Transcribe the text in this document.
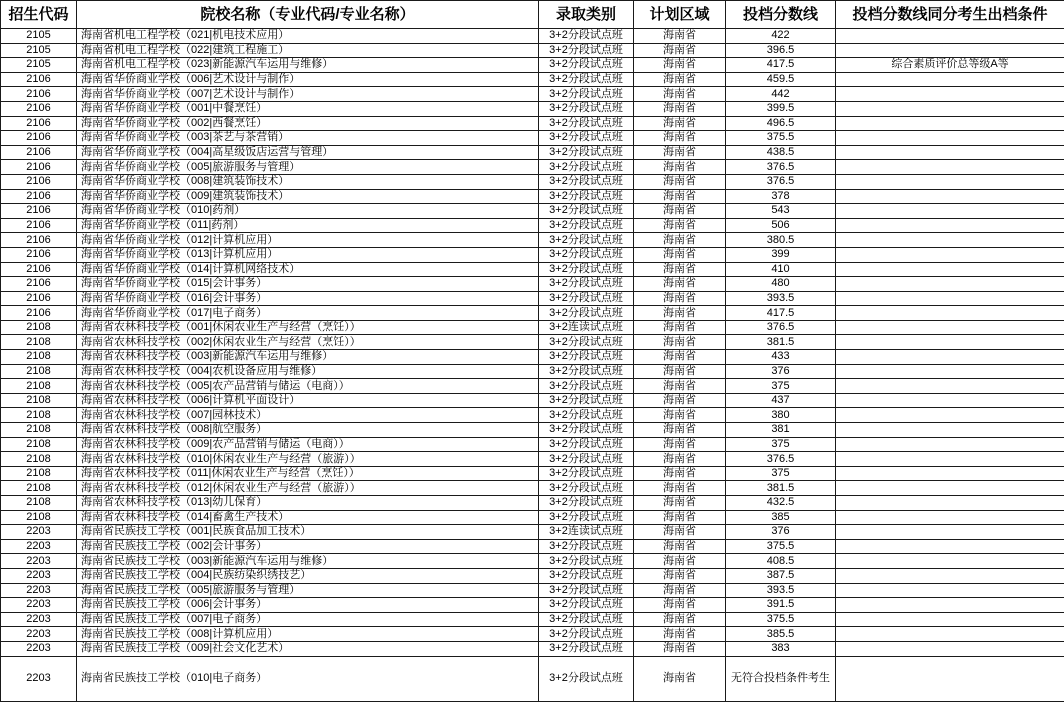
招生代码	院校名称（专业代码/专业名称）	录取类别	计划区域	投档分数线	投档分数线同分考生出档条件
2105	海南省机电工程学校（021|机电技术应用）	3+2分段试点班	海南省	422	
2105	海南省机电工程学校（022|建筑工程施工）	3+2分段试点班	海南省	396.5	
2105	海南省机电工程学校（023|新能源汽车运用与维修）	3+2分段试点班	海南省	417.5	综合素质评价总等级A等
2106	海南省华侨商业学校（006|艺术设计与制作）	3+2分段试点班	海南省	459.5	
2106	海南省华侨商业学校（007|艺术设计与制作）	3+2分段试点班	海南省	442	
2106	海南省华侨商业学校（001|中餐烹饪）	3+2分段试点班	海南省	399.5	
2106	海南省华侨商业学校（002|西餐烹饪）	3+2分段试点班	海南省	496.5	
2106	海南省华侨商业学校（003|茶艺与茶营销）	3+2分段试点班	海南省	375.5	
2106	海南省华侨商业学校（004|高星级饭店运营与管理）	3+2分段试点班	海南省	438.5	
2106	海南省华侨商业学校（005|旅游服务与管理）	3+2分段试点班	海南省	376.5	
2106	海南省华侨商业学校（008|建筑装饰技术）	3+2分段试点班	海南省	376.5	
2106	海南省华侨商业学校（009|建筑装饰技术）	3+2分段试点班	海南省	378	
2106	海南省华侨商业学校（010|药剂）	3+2分段试点班	海南省	543	
2106	海南省华侨商业学校（011|药剂）	3+2分段试点班	海南省	506	
2106	海南省华侨商业学校（012|计算机应用）	3+2分段试点班	海南省	380.5	
2106	海南省华侨商业学校（013|计算机应用）	3+2分段试点班	海南省	399	
2106	海南省华侨商业学校（014|计算机网络技术）	3+2分段试点班	海南省	410	
2106	海南省华侨商业学校（015|会计事务）	3+2分段试点班	海南省	480	
2106	海南省华侨商业学校（016|会计事务）	3+2分段试点班	海南省	393.5	
2106	海南省华侨商业学校（017|电子商务）	3+2分段试点班	海南省	417.5	
2108	海南省农林科技学校（001|休闲农业生产与经营（烹饪））	3+2连读试点班	海南省	376.5	
2108	海南省农林科技学校（002|休闲农业生产与经营（烹饪））	3+2分段试点班	海南省	381.5	
2108	海南省农林科技学校（003|新能源汽车运用与维修）	3+2分段试点班	海南省	433	
2108	海南省农林科技学校（004|农机设备应用与维修）	3+2分段试点班	海南省	376	
2108	海南省农林科技学校（005|农产品营销与储运（电商））	3+2分段试点班	海南省	375	
2108	海南省农林科技学校（006|计算机平面设计）	3+2分段试点班	海南省	437	
2108	海南省农林科技学校（007|园林技术）	3+2分段试点班	海南省	380	
2108	海南省农林科技学校（008|航空服务）	3+2分段试点班	海南省	381	
2108	海南省农林科技学校（009|农产品营销与储运（电商））	3+2分段试点班	海南省	375	
2108	海南省农林科技学校（010|休闲农业生产与经营（旅游））	3+2分段试点班	海南省	376.5	
2108	海南省农林科技学校（011|休闲农业生产与经营（烹饪））	3+2分段试点班	海南省	375	
2108	海南省农林科技学校（012|休闲农业生产与经营（旅游））	3+2分段试点班	海南省	381.5	
2108	海南省农林科技学校（013|幼儿保育）	3+2分段试点班	海南省	432.5	
2108	海南省农林科技学校（014|畜禽生产技术）	3+2分段试点班	海南省	385	
2203	海南省民族技工学校（001|民族食品加工技术）	3+2连读试点班	海南省	376	
2203	海南省民族技工学校（002|会计事务）	3+2分段试点班	海南省	375.5	
2203	海南省民族技工学校（003|新能源汽车运用与维修）	3+2分段试点班	海南省	408.5	
2203	海南省民族技工学校（004|民族纺染织绣技艺）	3+2分段试点班	海南省	387.5	
2203	海南省民族技工学校（005|旅游服务与管理）	3+2分段试点班	海南省	393.5	
2203	海南省民族技工学校（006|会计事务）	3+2分段试点班	海南省	391.5	
2203	海南省民族技工学校（007|电子商务）	3+2分段试点班	海南省	375.5	
2203	海南省民族技工学校（008|计算机应用）	3+2分段试点班	海南省	385.5	
2203	海南省民族技工学校（009|社会文化艺术）	3+2分段试点班	海南省	383	
2203	海南省民族技工学校（010|电子商务）	3+2分段试点班	海南省	无符合投档条件考生	
